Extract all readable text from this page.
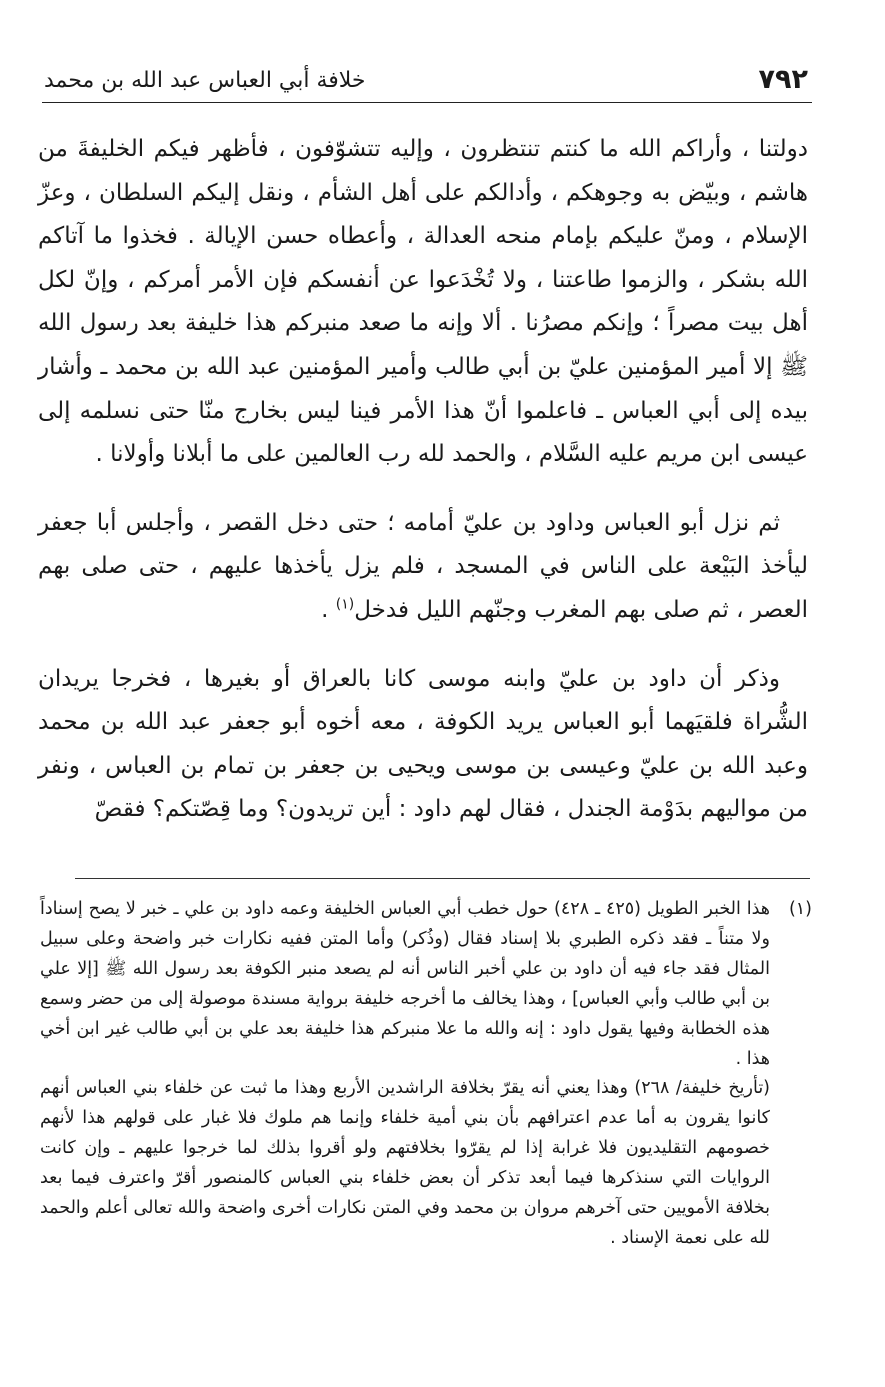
٧٩٢
خلافة أبي العباس عبد الله بن محمد

دولتنا ، وأراكم الله ما كنتم تنتظرون ، وإليه تتشوّفون ، فأظهر فيكم الخليفةَ من هاشم ، وبيّض به وجوهكم ، وأدالكم على أهل الشأم ، ونقل إليكم السلطان ، وعزّ الإسلام ، ومنّ عليكم بإمام منحه العدالة ، وأعطاه حسن الإيالة . فخذوا ما آتاكم الله بشكر ، والزموا طاعتنا ، ولا تُخْدَعوا عن أنفسكم فإن الأمر أمركم ، وإنّ لكل أهل بيت مصراً ؛ وإنكم مصرُنا . ألا وإنه ما صعد منبركم هذا خليفة بعد رسول الله ﷺ إلا أمير المؤمنين عليّ بن أبي طالب وأمير المؤمنين عبد الله بن محمد ـ وأشار بيده إلى أبي العباس ـ فاعلموا أنّ هذا الأمر فينا ليس بخارج منّا حتى نسلمه إلى عيسى ابن مريم عليه السَّلام ، والحمد لله رب العالمين على ما أبلانا وأولانا .

ثم نزل أبو العباس وداود بن عليّ أمامه ؛ حتى دخل القصر ، وأجلس أبا جعفر ليأخذ البَيْعة على الناس في المسجد ، فلم يزل يأخذها عليهم ، حتى صلى بهم العصر ، ثم صلى بهم المغرب وجنّهم الليل فدخل$^{(١)}$ .

وذكر أن داود بن عليّ وابنه موسى كانا بالعراق أو بغيرها ، فخرجا يريدان الشُّراة فلقيَهما أبو العباس يريد الكوفة ، معه أخوه أبو جعفر عبد الله بن محمد وعبد الله بن عليّ وعيسى بن موسى ويحيى بن جعفر بن تمام بن العباس ، ونفر من مواليهم بدَوْمة الجندل ، فقال لهم داود : أين تريدون؟ وما قِصّتكم؟ فقصّ

(١)

هذا الخبر الطويل (٤٢٥ ـ ٤٢٨) حول خطب أبي العباس الخليفة وعمه داود بن علي ـ خبر لا يصح إسناداً ولا متناً ـ فقد ذكره الطبري بلا إسناد فقال (وذُكر) وأما المتن ففيه نكارات خبر واضحة وعلى سبيل المثال فقد جاء فيه أن داود بن علي أخبر الناس أنه لم يصعد منبر الكوفة بعد رسول الله ﷺ [إلا علي بن أبي طالب وأبي العباس] ، وهذا يخالف ما أخرجه خليفة برواية مسندة موصولة إلى من حضر وسمع هذه الخطابة وفيها يقول داود : إنه والله ما علا منبركم هذا خليفة بعد علي بن أبي طالب غير ابن أخي هذا .

(تأريخ خليفة/ ٢٦٨) وهذا يعني أنه يقرّ بخلافة الراشدين الأربع وهذا ما ثبت عن خلفاء بني العباس أنهم كانوا يقرون به أما عدم اعترافهم بأن بني أمية خلفاء وإنما هم ملوك فلا غبار على قولهم هذا لأنهم خصومهم التقليديون فلا غرابة إذا لم يقرّوا بخلافتهم ولو أقروا بذلك لما خرجوا عليهم ـ وإن كانت الروايات التي سنذكرها فيما أبعد تذكر أن بعض خلفاء بني العباس كالمنصور أقرّ واعترف فيما بعد بخلافة الأمويين حتى آخرهم مروان بن محمد وفي المتن نكارات أخرى واضحة والله تعالى أعلم والحمد لله على نعمة الإسناد .
